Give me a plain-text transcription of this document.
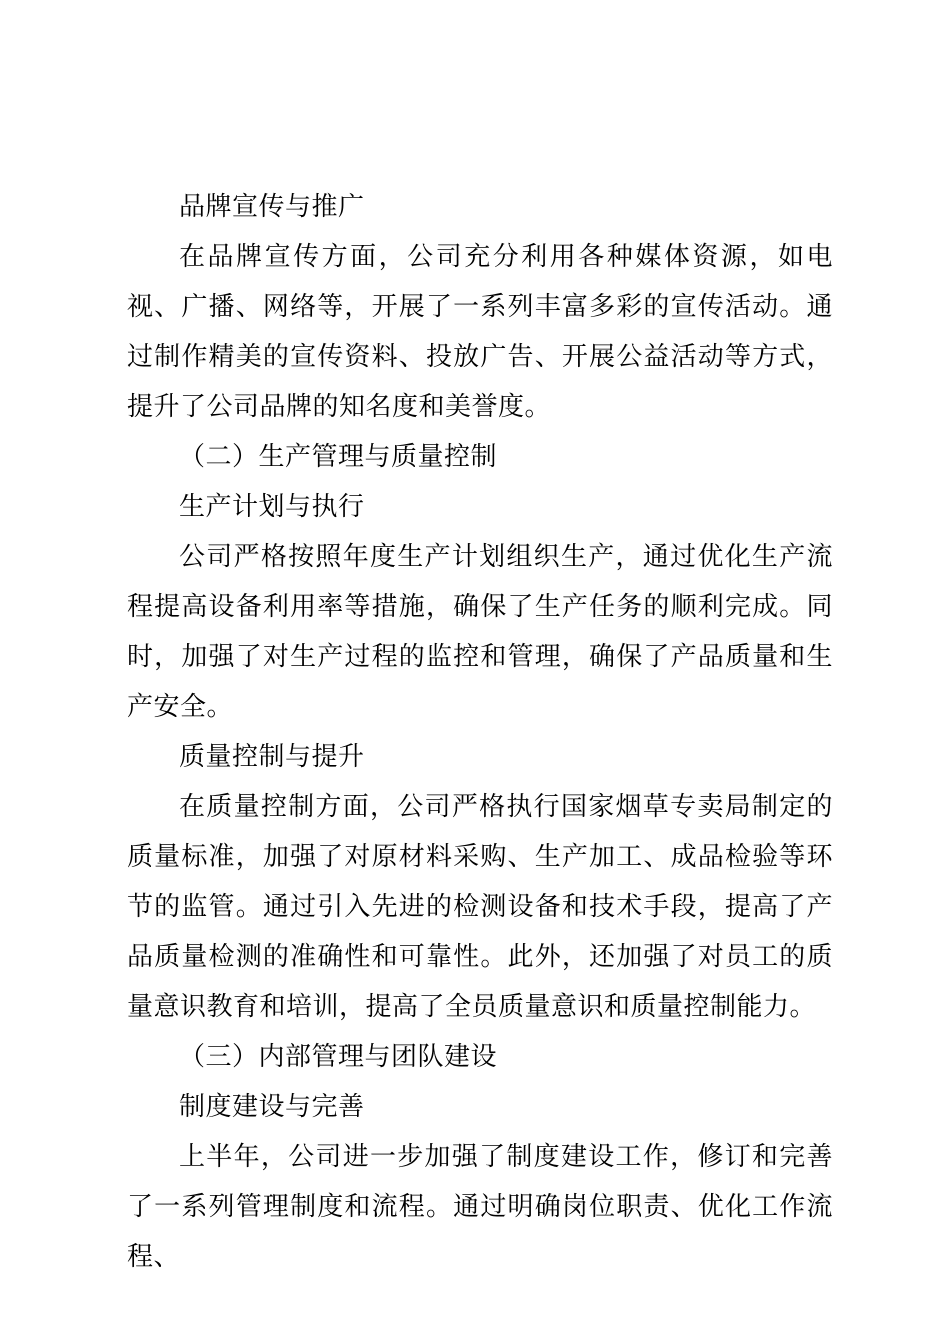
品牌宣传与推广

在品牌宣传方面，公司充分利用各种媒体资源，如电视、广播、网络等，开展了一系列丰富多彩的宣传活动。通过制作精美的宣传资料、投放广告、开展公益活动等方式，提升了公司品牌的知名度和美誉度。

（二）生产管理与质量控制

生产计划与执行

公司严格按照年度生产计划组织生产，通过优化生产流程提高设备利用率等措施，确保了生产任务的顺利完成。同时，加强了对生产过程的监控和管理，确保了产品质量和生产安全。

质量控制与提升

在质量控制方面，公司严格执行国家烟草专卖局制定的质量标准，加强了对原材料采购、生产加工、成品检验等环节的监管。通过引入先进的检测设备和技术手段，提高了产品质量检测的准确性和可靠性。此外，还加强了对员工的质量意识教育和培训，提高了全员质量意识和质量控制能力。

（三）内部管理与团队建设

制度建设与完善

上半年，公司进一步加强了制度建设工作，修订和完善了一系列管理制度和流程。通过明确岗位职责、优化工作流程、
